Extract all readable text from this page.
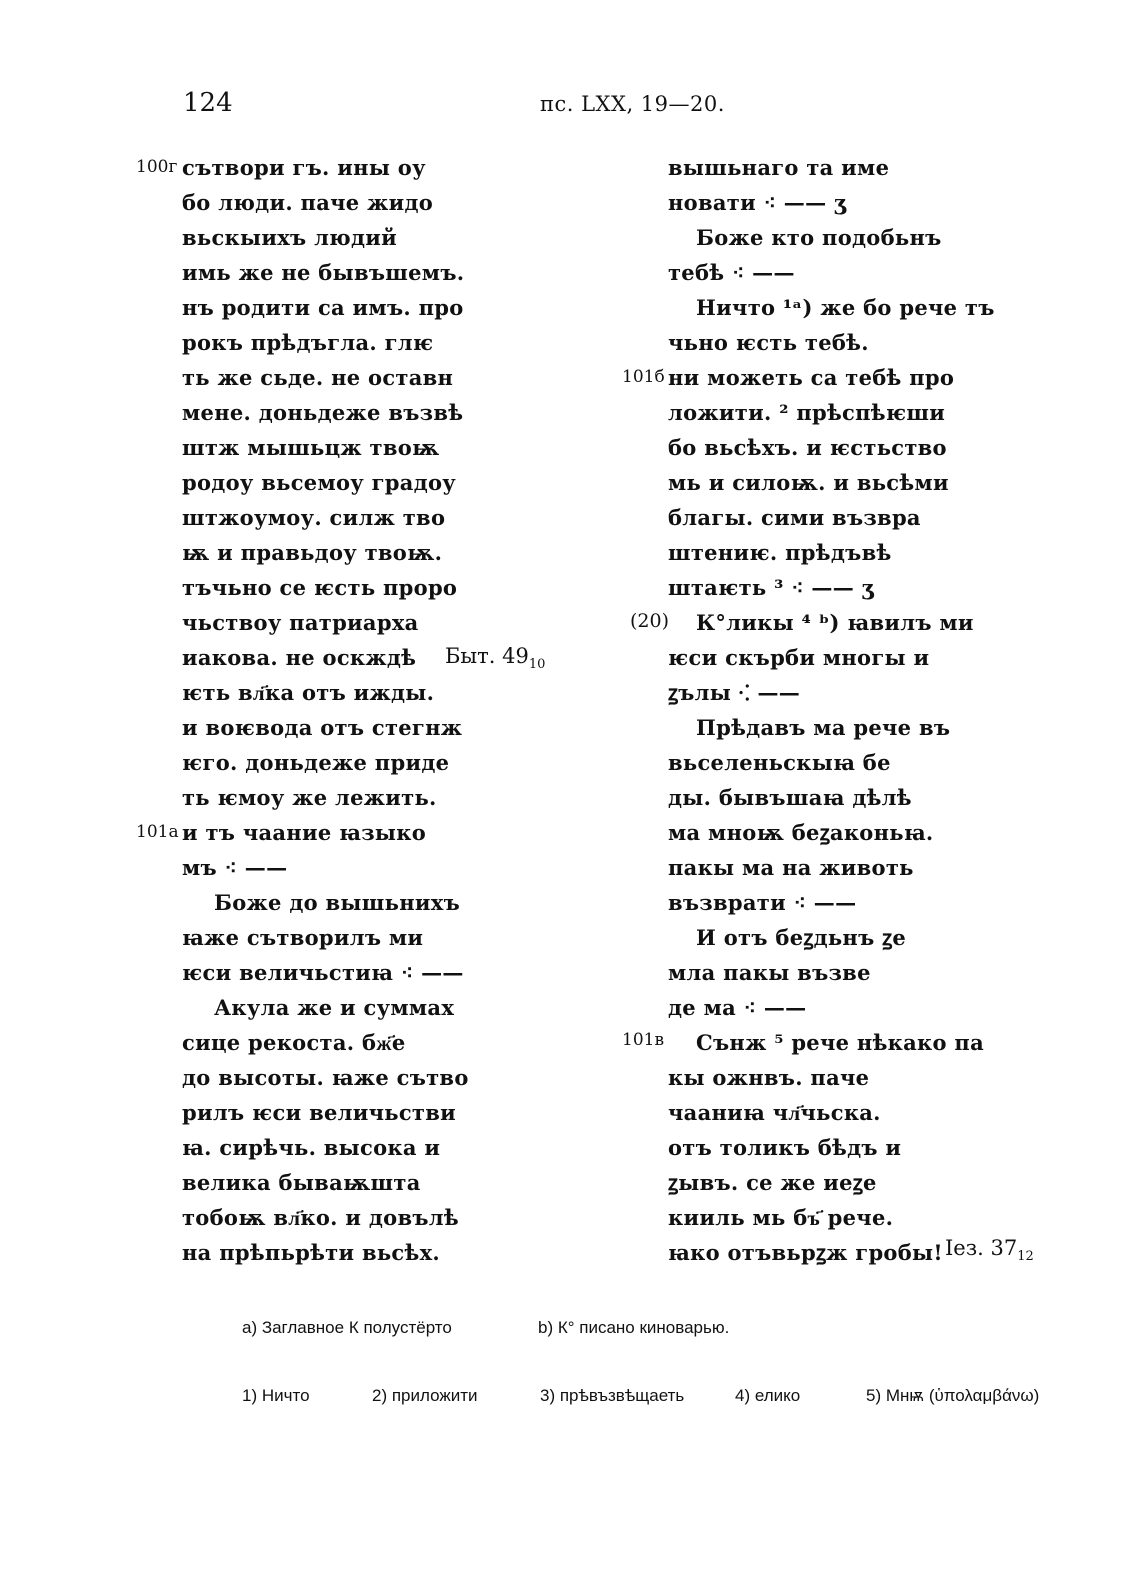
124	пс. LXX, 19—20.
сътвори гъ. ины оу
бо люди. паче жидо
вьскыихъ людий
имь же не бывъшемъ.
нъ родити са имъ. про
рокъ прѣдъгла. глѥ
ть же сьде. не оставн
мене. доньдеже възвѣ
штж мышьцж твоѭ
родоу вьсемоу градоу
штжоумоу. силж тво
ѭ и правьдоу твоѭ.
тъчьно се ѥсть проро
чьствоу патриарха
иакова. не оскждѣ
ѥть вл҃ка отъ ижды.
и воѥвода отъ стегнж
ѥго. доньдеже приде
ть ѥмоу же лежить.
и тъ чаание ꙗзыко
мъ ⁖ ——
Боже до вышьнихъ
ꙗже сътворилъ ми
ѥси величьстиꙗ ⁖ ——
Акула же и суммах
сице рекоста. бж҃е
до высоты. ꙗже сътво
рилъ ѥси величьстви
ꙗ. сирѣчь. высока и
велика бываѭшта
тобоѭ вл҃ко. и довълѣ
на прѣпьрѣти вьсѣх.
100г
101а
Быт. $49_{10}$
вышьнаго та име
новати ⁖ —— ʒ
Боже кто подобьнъ
тебѣ ⁖ ——
Ничто ¹ᵃ) же бо рече тъ
чьно ѥсть тебѣ.
ни можеть са тебѣ про
ложити. ² прѣспѣѥши
бо вьсѣхъ. и ѥстьство
мь и силоѭ. и вьсѣми
благы. сими възвра
штениѥ. прѣдъвѣ
штаѥть ³ ⁖ —— ʒ
К°ликы ⁴ ᵇ) ꙗвилъ ми
ѥси скърби многы и
ꙁълы ⁖ ——
Прѣдавъ ма рече въ
вьселеньскыꙗ бе
ды. бывъшаꙗ дѣлѣ
ма мноѭ беꙁаконьꙗ.
пакы ма на животь
възврати ⁖ ——
И отъ беꙁдьнъ ꙁе
мла пакы възве
де ма ⁖ ——
Сънж ⁵ рече нѣкако па
кы ожнвъ. паче
чааниꙗ чл҃чьска.
отъ толикъ бѣдъ и
ꙁывъ. се же иеꙁе
кииль мь бъ҃ рече.
ꙗко отъвьрꙁж гробы!
101б
(20)
101в
Іез. $37_{12}$
а) Заглавное К полустёрто	b) К° писано киноварью.
1) Ничто	2) приложити	3) прѣвъзвѣщаеть	4) елико	5) Мнѭ (ὑπολαμβάνω)
